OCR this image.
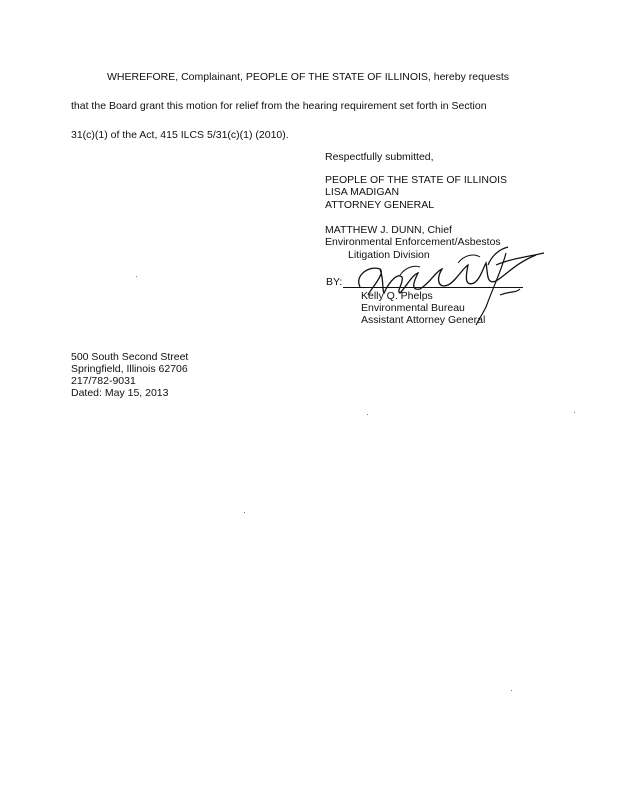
WHEREFORE, Complainant, PEOPLE OF THE STATE OF ILLINOIS, hereby requests
that the Board grant this motion for relief from the hearing requirement set forth in Section
31(c)(1) of the Act, 415 ILCS 5/31(c)(1) (2010).
Respectfully submitted,
PEOPLE OF THE STATE OF ILLINOIS
LISA MADIGAN
ATTORNEY GENERAL
MATTHEW J. DUNN, Chief
Environmental Enforcement/Asbestos
Litigation Division
BY:
Kelly Q. Phelps
Environmental Bureau
Assistant Attorney General
500 South Second Street
Springfield, Illinois 62706
217/782-9031
Dated: May 15, 2013
